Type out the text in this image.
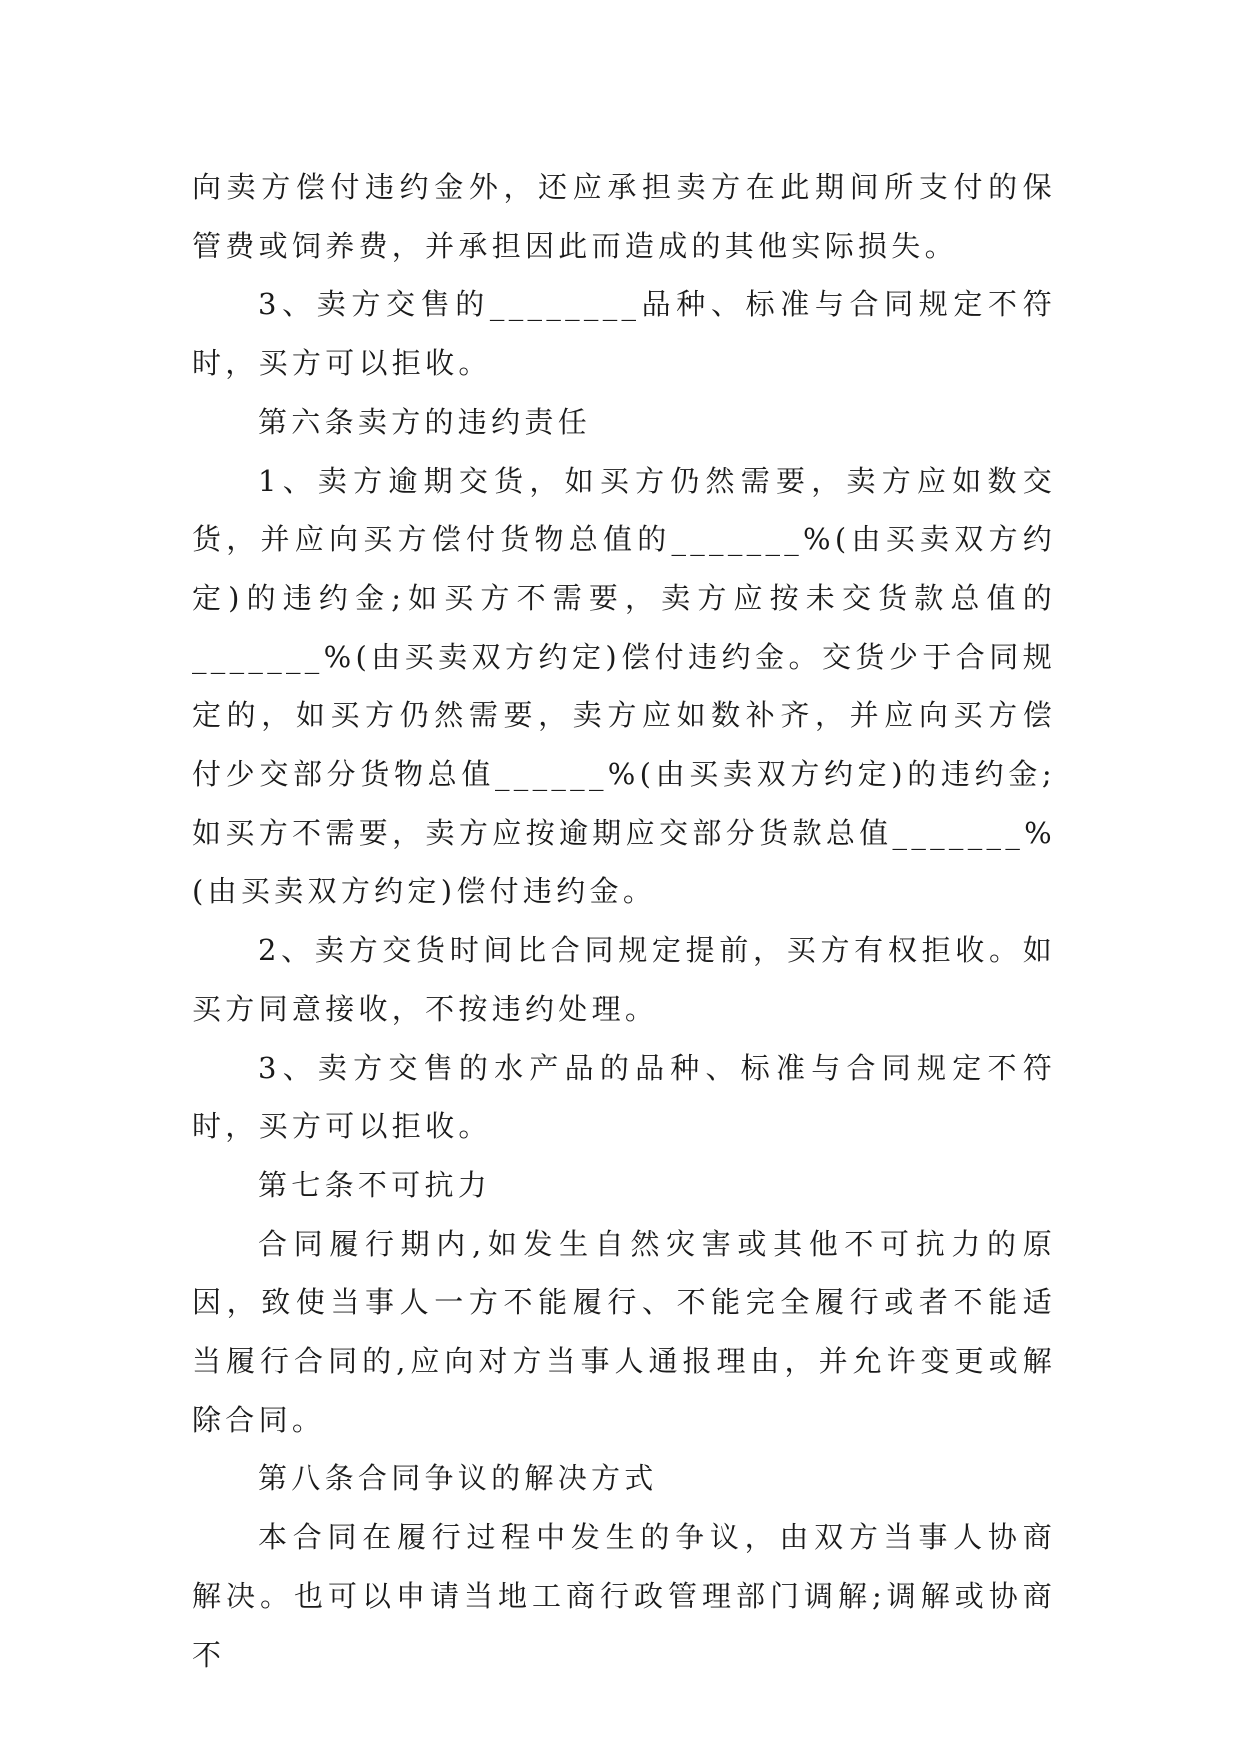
向卖方偿付违约金外，还应承担卖方在此期间所支付的保管费或饲养费，并承担因此而造成的其他实际损失。

3、卖方交售的________品种、标准与合同规定不符时，买方可以拒收。

第六条卖方的违约责任

1、卖方逾期交货，如买方仍然需要，卖方应如数交货，并应向买方偿付货物总值的_______%(由买卖双方约定)的违约金;如买方不需要，卖方应按未交货款总值的_______%(由买卖双方约定)偿付违约金。交货少于合同规定的，如买方仍然需要，卖方应如数补齐，并应向买方偿付少交部分货物总值______%(由买卖双方约定)的违约金;如买方不需要，卖方应按逾期应交部分货款总值_______%(由买卖双方约定)偿付违约金。

2、卖方交货时间比合同规定提前，买方有权拒收。如买方同意接收，不按违约处理。

3、卖方交售的水产品的品种、标准与合同规定不符时，买方可以拒收。

第七条不可抗力

合同履行期内,如发生自然灾害或其他不可抗力的原因，致使当事人一方不能履行、不能完全履行或者不能适当履行合同的,应向对方当事人通报理由，并允许变更或解除合同。

第八条合同争议的解决方式

本合同在履行过程中发生的争议，由双方当事人协商解决。也可以申请当地工商行政管理部门调解;调解或协商不
